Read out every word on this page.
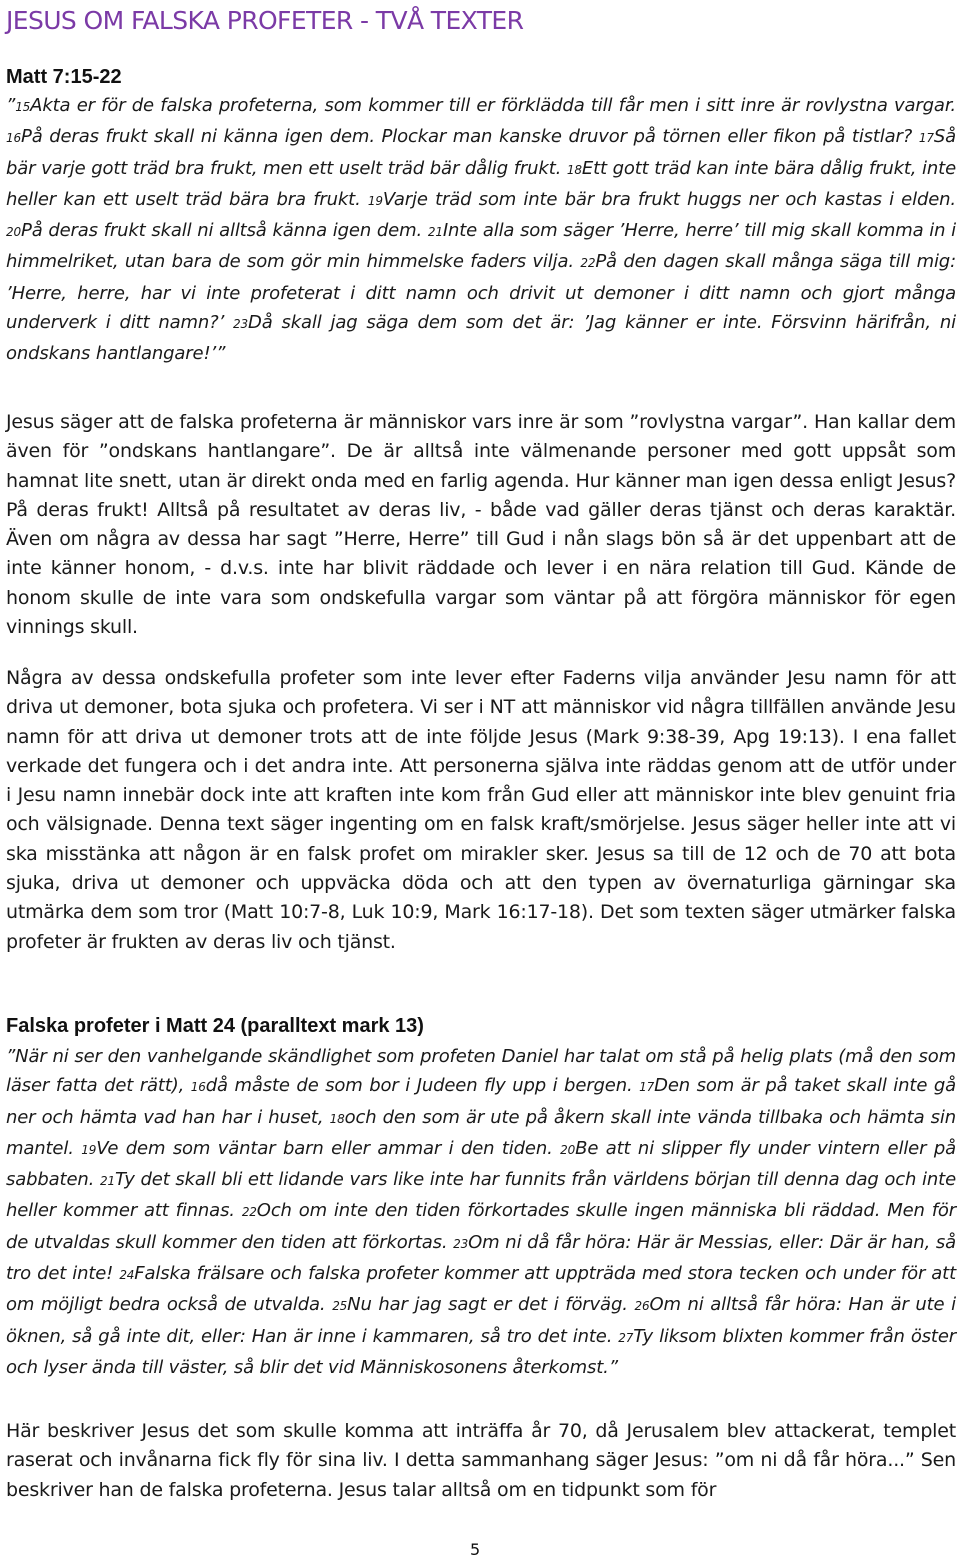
JESUS OM FALSKA PROFETER - TVÅ TEXTER
Matt 7:15-22

”15Akta er för de falska profeterna, som kommer till er förklädda till får men i sitt inre är rovlystna vargar. 16På deras frukt skall ni känna igen dem. Plockar man kanske druvor på törnen eller fikon på tistlar? 17Så bär varje gott träd bra frukt, men ett uselt träd bär dålig frukt. 18Ett gott träd kan inte bära dålig frukt, inte heller kan ett uselt träd bära bra frukt. 19Varje träd som inte bär bra frukt huggs ner och kastas i elden. 20På deras frukt skall ni alltså känna igen dem. 21Inte alla som säger ’Herre, herre’ till mig skall komma in i himmelriket, utan bara de som gör min himmelske faders vilja. 22På den dagen skall många säga till mig: ’Herre, herre, har vi inte profeterat i ditt namn och drivit ut demoner i ditt namn och gjort många underverk i ditt namn?’ 23Då skall jag säga dem som det är: ’Jag känner er inte. Försvinn härifrån, ni ondskans hantlangare!’”

Jesus säger att de falska profeterna är människor vars inre är som ”rovlystna vargar”. Han kallar dem även för ”ondskans hantlangare”. De är alltså inte välmenande personer med gott uppsåt som hamnat lite snett, utan är direkt onda med en farlig agenda. Hur känner man igen dessa enligt Jesus? På deras frukt! Alltså på resultatet av deras liv, - både vad gäller deras tjänst och deras karaktär. Även om några av dessa har sagt ”Herre, Herre” till Gud i nån slags bön så är det uppenbart att de inte känner honom, - d.v.s. inte har blivit räddade och lever i en nära relation till Gud. Kände de honom skulle de inte vara som ondskefulla vargar som väntar på att förgöra människor för egen vinnings skull.

Några av dessa ondskefulla profeter som inte lever efter Faderns vilja använder Jesu namn för att driva ut demoner, bota sjuka och profetera. Vi ser i NT att människor vid några tillfällen använde Jesu namn för att driva ut demoner trots att de inte följde Jesus (Mark 9:38-39, Apg 19:13). I ena fallet verkade det fungera och i det andra inte. Att personerna själva inte räddas genom att de utför under i Jesu namn innebär dock inte att kraften inte kom från Gud eller att människor inte blev genuint fria och välsignade. Denna text säger ingenting om en falsk kraft/smörjelse. Jesus säger heller inte att vi ska misstänka att någon är en falsk profet om mirakler sker. Jesus sa till de 12 och de 70 att bota sjuka, driva ut demoner och uppväcka döda och att den typen av övernaturliga gärningar ska utmärka dem som tror (Matt 10:7-8, Luk 10:9, Mark 16:17-18). Det som texten säger utmärker falska profeter är frukten av deras liv och tjänst.

Falska profeter i Matt 24 (paralltext mark 13)

”När ni ser den vanhelgande skändlighet som profeten Daniel har talat om stå på helig plats (må den som läser fatta det rätt), 16då måste de som bor i Judeen fly upp i bergen. 17Den som är på taket skall inte gå ner och hämta vad han har i huset, 18och den som är ute på åkern skall inte vända tillbaka och hämta sin mantel. 19Ve dem som väntar barn eller ammar i den tiden. 20Be att ni slipper fly under vintern eller på sabbaten. 21Ty det skall bli ett lidande vars like inte har funnits från världens början till denna dag och inte heller kommer att finnas. 22Och om inte den tiden förkortades skulle ingen människa bli räddad. Men för de utvaldas skull kommer den tiden att förkortas. 23Om ni då får höra: Här är Messias, eller: Där är han, så tro det inte! 24Falska frälsare och falska profeter kommer att uppträda med stora tecken och under för att om möjligt bedra också de utvalda. 25Nu har jag sagt er det i förväg. 26Om ni alltså får höra: Han är ute i öknen, så gå inte dit, eller: Han är inne i kammaren, så tro det inte. 27Ty liksom blixten kommer från öster och lyser ända till väster, så blir det vid Människosonens återkomst.”

Här beskriver Jesus det som skulle komma att inträffa år 70, då Jerusalem blev attackerat, templet raserat och invånarna fick fly för sina liv. I detta sammanhang säger Jesus: ”om ni då får höra...” Sen beskriver han de falska profeterna. Jesus talar alltså om en tidpunkt som för

5
